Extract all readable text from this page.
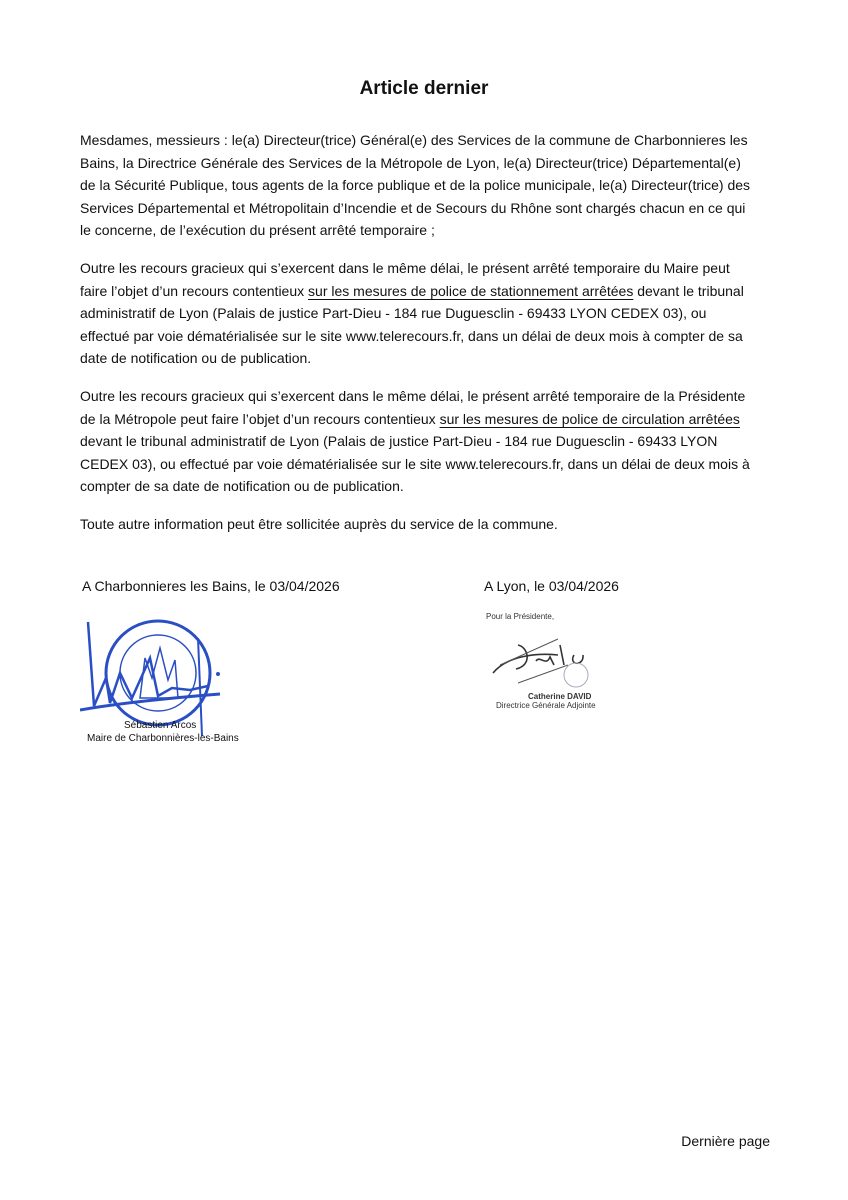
Article dernier
Mesdames, messieurs : le(a) Directeur(trice) Général(e) des Services de la commune de Charbonnieres les
Bains, la Directrice Générale des Services de la Métropole de Lyon, le(a) Directeur(trice) Départemental(e)
de la Sécurité Publique, tous agents de la force publique et de la police municipale, le(a) Directeur(trice) des
Services Départemental et Métropolitain d’Incendie et de Secours du Rhône sont chargés chacun en ce qui
le concerne, de l’exécution du présent arrêté temporaire ;
Outre les recours gracieux qui s’exercent dans le même délai, le présent arrêté temporaire du Maire peut
faire l’objet d’un recours contentieux sur les mesures de police de stationnement arrêtées devant le tribunal
administratif de Lyon (Palais de justice Part-Dieu - 184 rue Duguesclin - 69433 LYON CEDEX 03), ou
effectué par voie dématérialisée sur le site www.telerecours.fr, dans un délai de deux mois à compter de sa
date de notification ou de publication.
Outre les recours gracieux qui s’exercent dans le même délai, le présent arrêté temporaire de la Présidente
de la Métropole peut faire l’objet d’un recours contentieux sur les mesures de police de circulation arrêtées
devant le tribunal administratif de Lyon (Palais de justice Part-Dieu - 184 rue Duguesclin - 69433 LYON
CEDEX 03), ou effectué par voie dématérialisée sur le site www.telerecours.fr, dans un délai de deux mois à
compter de sa date de notification ou de publication.
Toute autre information peut être sollicitée auprès du service de la commune.
A Charbonnieres les Bains, le 03/04/2026	A Lyon, le 03/04/2026
Sébastien Arcos
Maire de Charbonnières-les-Bains
Pour la Présidente,
Catherine DAVID
Directrice Générale Adjointe
Dernière page
